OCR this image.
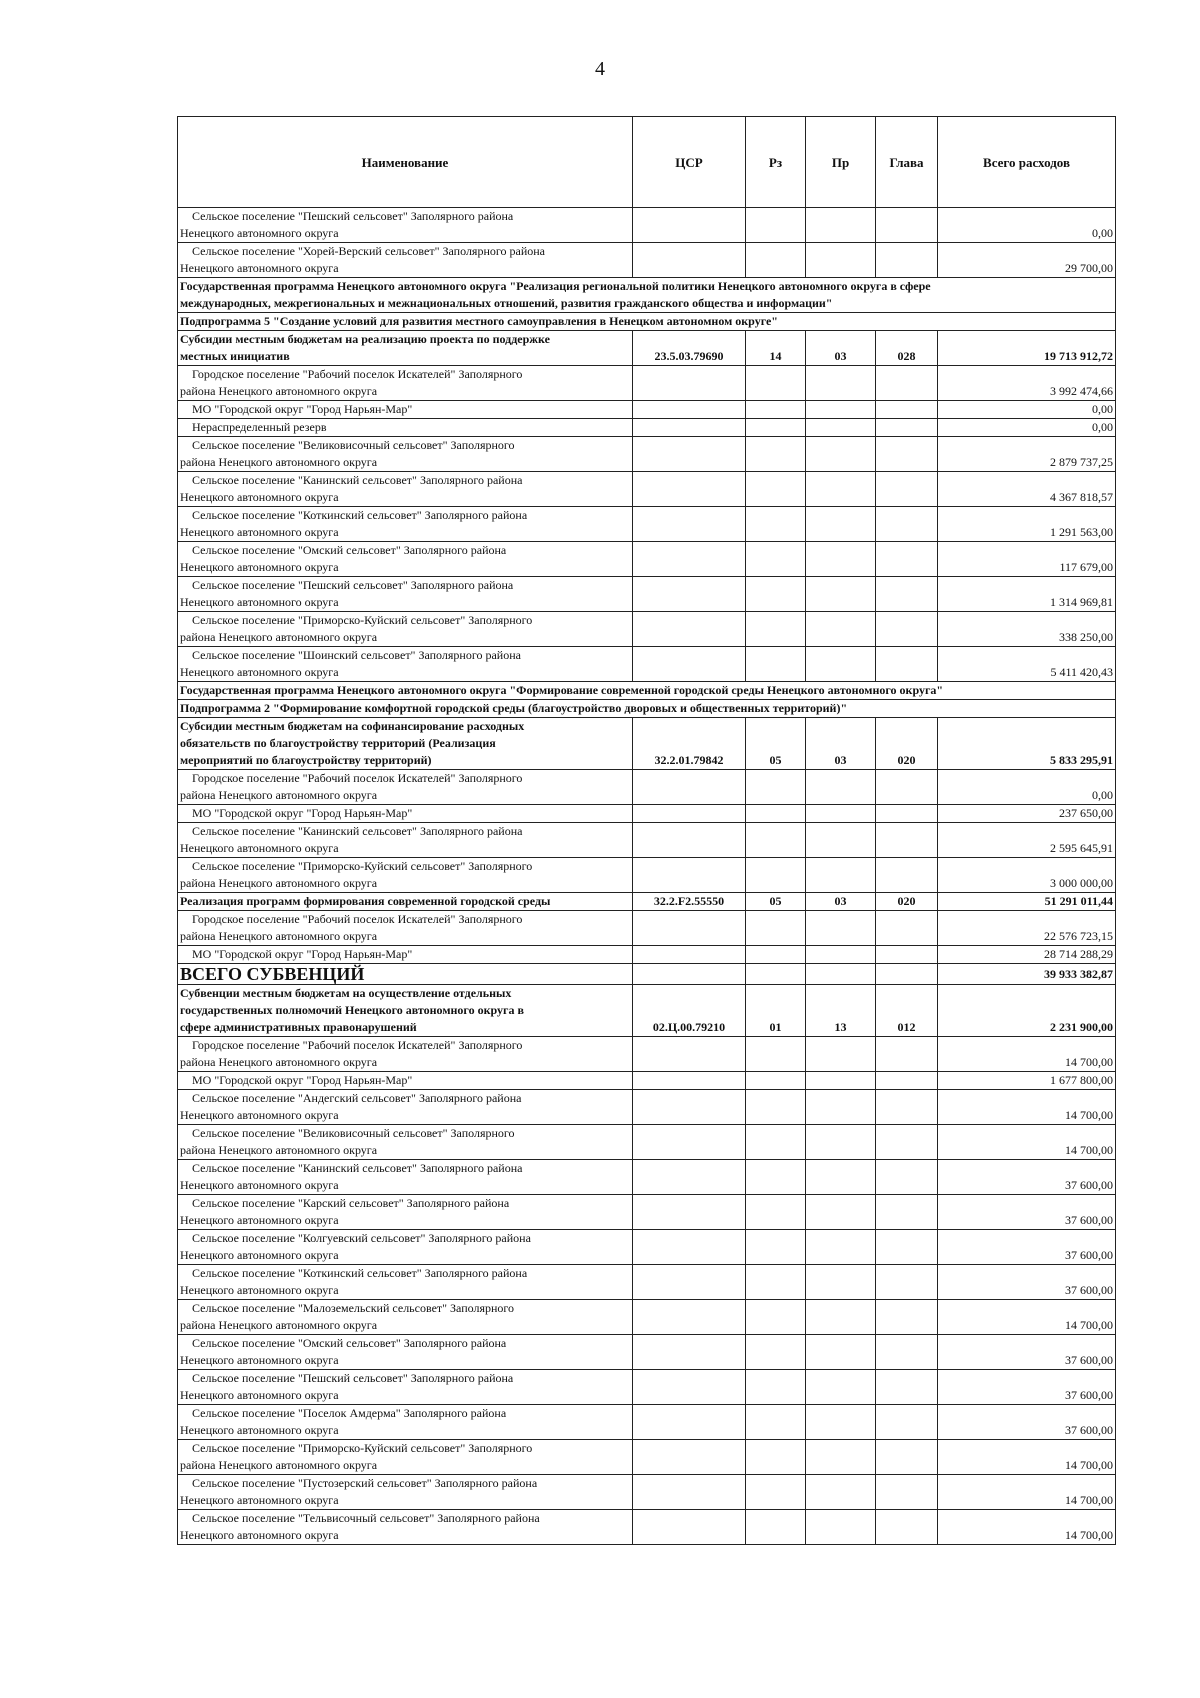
4
Наименование	ЦСР	Рз	Пр	Глава	Всего расходов
Сельское поселение "Пешский сельсовет" Заполярного района
Ненецкого автономного округа					0,00
Сельское поселение "Хорей-Верский сельсовет" Заполярного района
Ненецкого автономного округа					29 700,00
Государственная программа Ненецкого автономного округа "Реализация региональной политики Ненецкого автономного округа в сфере
международных, межрегиональных и межнациональных отношений, развития гражданского общества и информации"					
Подпрограмма 5 "Создание условий для развития местного самоуправления в Ненецком автономном округе"					
Субсидии местным бюджетам на реализацию проекта по поддержке
местных инициатив	23.5.03.79690	14	03	028	19 713 912,72
Городское поселение "Рабочий поселок Искателей" Заполярного
района Ненецкого автономного округа					3 992 474,66
МО "Городской округ "Город Нарьян-Мар"					0,00
Нераспределенный резерв					0,00
Сельское поселение "Великовисочный сельсовет" Заполярного
района Ненецкого автономного округа					2 879 737,25
Сельское поселение "Канинский сельсовет" Заполярного района
Ненецкого автономного округа					4 367 818,57
Сельское поселение "Коткинский сельсовет" Заполярного района
Ненецкого автономного округа					1 291 563,00
Сельское поселение "Омский сельсовет" Заполярного района
Ненецкого автономного округа					117 679,00
Сельское поселение "Пешский сельсовет" Заполярного района
Ненецкого автономного округа					1 314 969,81
Сельское поселение "Приморско-Куйский сельсовет" Заполярного
района Ненецкого автономного округа					338 250,00
Сельское поселение "Шоинский сельсовет" Заполярного района
Ненецкого автономного округа					5 411 420,43
Государственная программа Ненецкого автономного округа "Формирование современной городской среды Ненецкого автономного округа"					
Подпрограмма 2 "Формирование комфортной городской среды (благоустройство дворовых и общественных территорий)"					
Субсидии местным бюджетам на софинансирование расходных
обязательств по благоустройству территорий (Реализация
мероприятий по благоустройству территорий)	32.2.01.79842	05	03	020	5 833 295,91
Городское поселение "Рабочий поселок Искателей" Заполярного
района Ненецкого автономного округа					0,00
МО "Городской округ "Город Нарьян-Мар"					237 650,00
Сельское поселение "Канинский сельсовет" Заполярного района
Ненецкого автономного округа					2 595 645,91
Сельское поселение "Приморско-Куйский сельсовет" Заполярного
района Ненецкого автономного округа					3 000 000,00
Реализация программ формирования современной городской среды	32.2.F2.55550	05	03	020	51 291 011,44
Городское поселение "Рабочий поселок Искателей" Заполярного
района Ненецкого автономного округа					22 576 723,15
МО "Городской округ "Город Нарьян-Мар"					28 714 288,29
ВСЕГО СУБВЕНЦИЙ					39 933 382,87
Субвенции местным бюджетам на осуществление отдельных
государственных полномочий Ненецкого автономного округа в
сфере административных правонарушений	02.Ц.00.79210	01	13	012	2 231 900,00
Городское поселение "Рабочий поселок Искателей" Заполярного
района Ненецкого автономного округа					14 700,00
МО "Городской округ "Город Нарьян-Мар"					1 677 800,00
Сельское поселение "Андегский сельсовет" Заполярного района
Ненецкого автономного округа					14 700,00
Сельское поселение "Великовисочный сельсовет" Заполярного
района Ненецкого автономного округа					14 700,00
Сельское поселение "Канинский сельсовет" Заполярного района
Ненецкого автономного округа					37 600,00
Сельское поселение "Карский сельсовет" Заполярного района
Ненецкого автономного округа					37 600,00
Сельское поселение "Колгуевский сельсовет" Заполярного района
Ненецкого автономного округа					37 600,00
Сельское поселение "Коткинский сельсовет" Заполярного района
Ненецкого автономного округа					37 600,00
Сельское поселение "Малоземельский сельсовет" Заполярного
района Ненецкого автономного округа					14 700,00
Сельское поселение "Омский сельсовет" Заполярного района
Ненецкого автономного округа					37 600,00
Сельское поселение "Пешский сельсовет" Заполярного района
Ненецкого автономного округа					37 600,00
Сельское поселение "Поселок Амдерма" Заполярного района
Ненецкого автономного округа					37 600,00
Сельское поселение "Приморско-Куйский сельсовет" Заполярного
района Ненецкого автономного округа					14 700,00
Сельское поселение "Пустозерский сельсовет" Заполярного района
Ненецкого автономного округа					14 700,00
Сельское поселение "Тельвисочный сельсовет" Заполярного района
Ненецкого автономного округа					14 700,00
